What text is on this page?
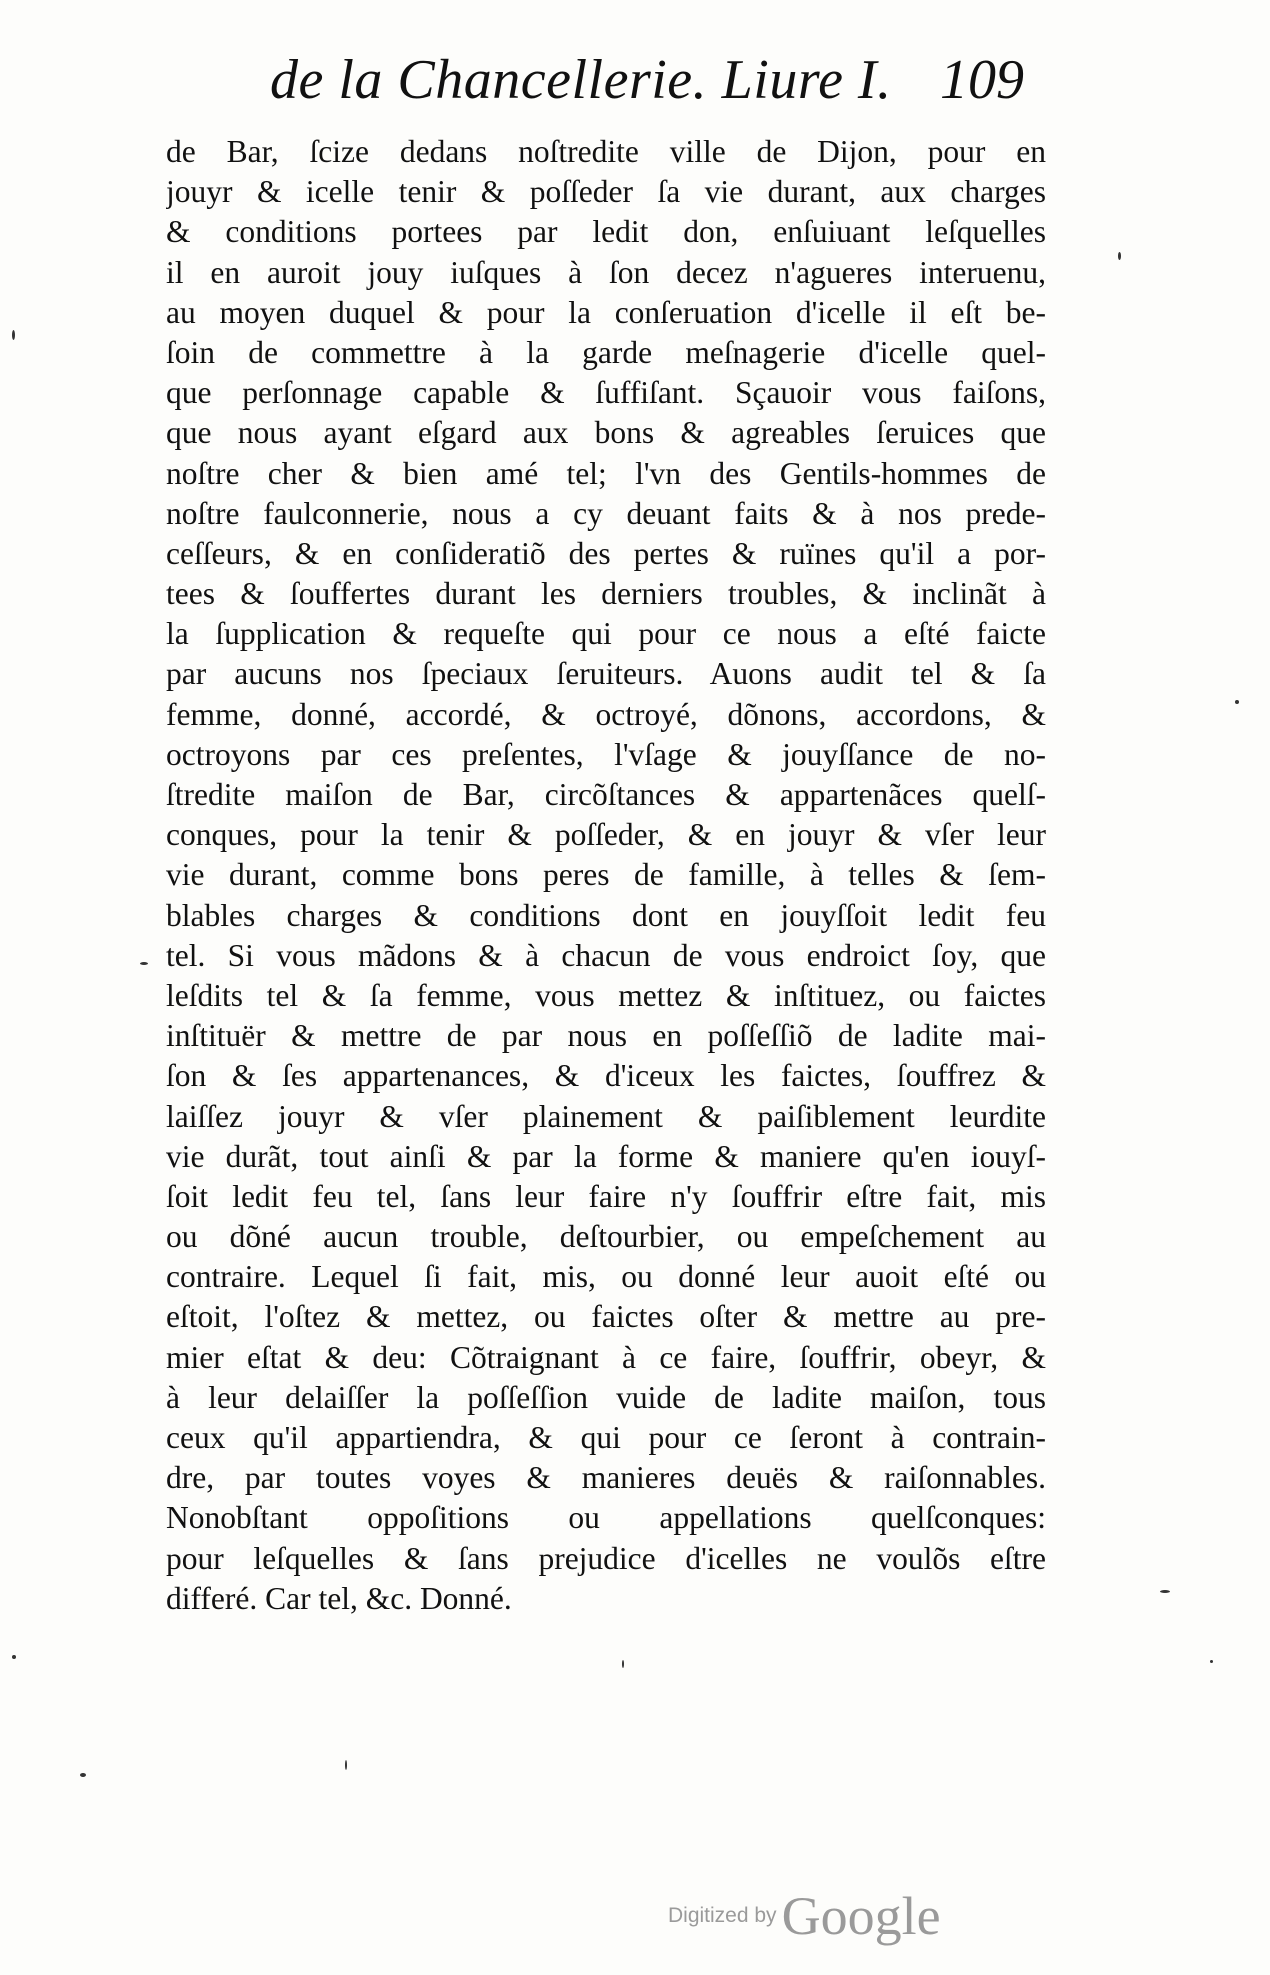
de la Chancellerie. Liure I. 109
de Bar, ſcize dedans noſtredite ville de Dijon, pour en
jouyr & icelle tenir & poſſeder ſa vie durant, aux charges
& conditions portees par ledit don, enſuiuant leſquelles
il en auroit jouy iuſques à ſon decez n'agueres interuenu,
au moyen duquel & pour la conſeruation d'icelle il eſt be-
ſoin de commettre à la garde meſnagerie d'icelle quel-
que perſonnage capable & ſuffiſant. Sçauoir vous faiſons,
que nous ayant eſgard aux bons & agreables ſeruices que
noſtre cher & bien amé tel; l'vn des Gentils-hommes de
noſtre faulconnerie, nous a cy deuant faits & à nos prede-
ceſſeurs, & en conſideratiõ des pertes & ruïnes qu'il a por-
tees & ſouffertes durant les derniers troubles, & inclinãt à
la ſupplication & requeſte qui pour ce nous a eſté faicte
par aucuns nos ſpeciaux ſeruiteurs. Auons audit tel & ſa
femme, donné, accordé, & octroyé, dõnons, accordons, &
octroyons par ces preſentes, l'vſage & jouyſſance de no-
ſtredite maiſon de Bar, circõſtances & appartenãces quelſ-
conques, pour la tenir & poſſeder, & en jouyr & vſer leur
vie durant, comme bons peres de famille, à telles & ſem-
blables charges & conditions dont en jouyſſoit ledit feu
tel. Si vous mãdons & à chacun de vous endroict ſoy, que
leſdits tel & ſa femme, vous mettez & inſtituez, ou faictes
inſtituër & mettre de par nous en poſſeſſiõ de ladite mai-
ſon & ſes appartenances, & d'iceux les faictes, ſouffrez &
laiſſez jouyr & vſer plainement & paiſiblement leurdite
vie durãt, tout ainſi & par la forme & maniere qu'en iouyſ-
ſoit ledit feu tel, ſans leur faire n'y ſouffrir eſtre fait, mis
ou dõné aucun trouble, deſtourbier, ou empeſchement au
contraire. Lequel ſi fait, mis, ou donné leur auoit eſté ou
eſtoit, l'oſtez & mettez, ou faictes oſter & mettre au pre-
mier eſtat & deu: Cõtraignant à ce faire, ſouffrir, obeyr, &
à leur delaiſſer la poſſeſſion vuide de ladite maiſon, tous
ceux qu'il appartiendra, & qui pour ce ſeront à contrain-
dre, par toutes voyes & manieres deuës & raiſonnables.
Nonobſtant oppoſitions ou appellations quelſconques:
pour leſquelles & ſans prejudice d'icelles ne voulõs eſtre
differé. Car tel, &c. Donné.
Digitized by Google
